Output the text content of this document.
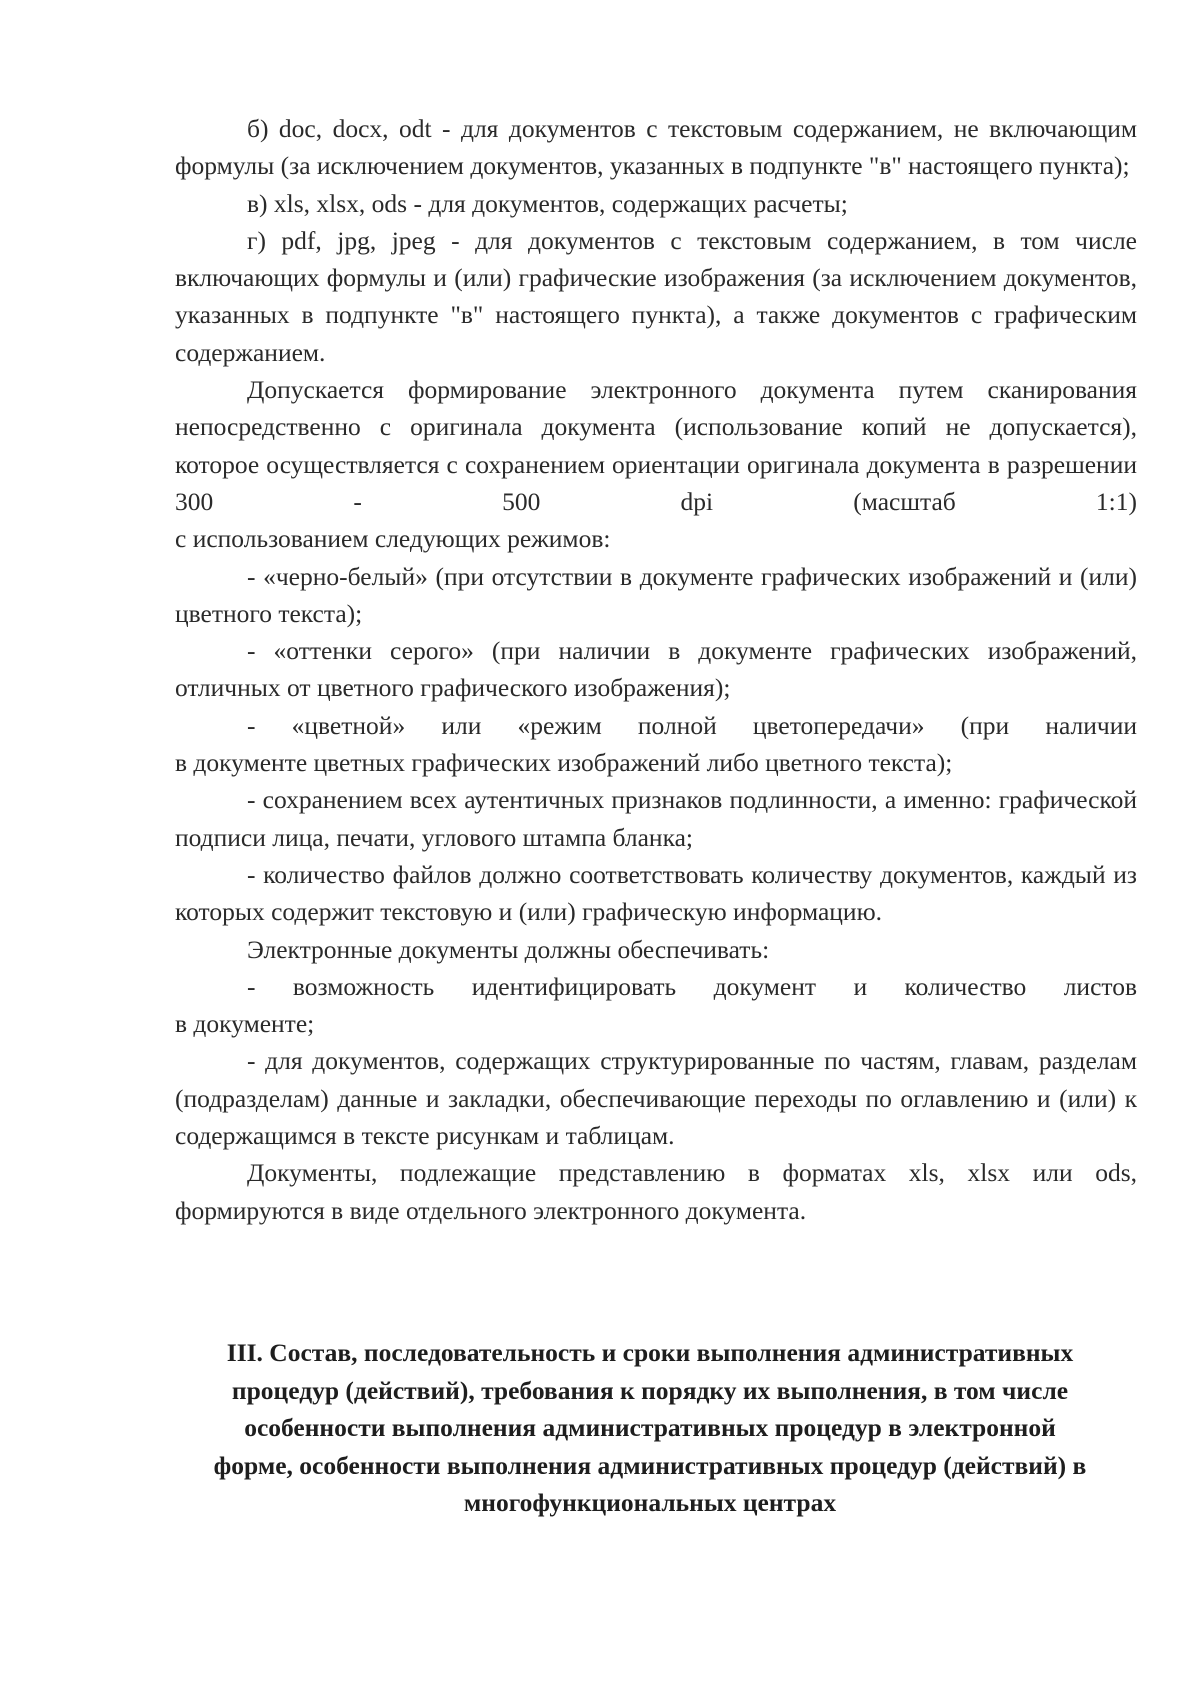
б) doc, docx, odt - для документов с текстовым содержанием, не включающим формулы (за исключением документов, указанных в подпункте "в" настоящего пункта);

в) xls, xlsx, ods - для документов, содержащих расчеты;

г) pdf, jpg, jpeg - для документов с текстовым содержанием, в том числе включающих формулы и (или) графические изображения (за исключением документов, указанных в подпункте "в" настоящего пункта), а также документов с графическим содержанием.

Допускается формирование электронного документа путем сканирования непосредственно с оригинала документа (использование копий не допускается), которое осуществляется с сохранением ориентации оригинала документа в разрешении 300 - 500 dpi (масштаб 1:1)

с использованием следующих режимов:

- «черно-белый» (при отсутствии в документе графических изображений и (или) цветного текста);

- «оттенки серого» (при наличии в документе графических изображений, отличных от цветного графического изображения);

- «цветной» или «режим полной цветопередачи» (при наличии

в документе цветных графических изображений либо цветного текста);

- сохранением всех аутентичных признаков подлинности, а именно: графической подписи лица, печати, углового штампа бланка;

- количество файлов должно соответствовать количеству документов, каждый из которых содержит текстовую и (или) графическую информацию.

Электронные документы должны обеспечивать:

- возможность идентифицировать документ и количество листов

в документе;

- для документов, содержащих структурированные по частям, главам, разделам (подразделам) данные и закладки, обеспечивающие переходы по оглавлению и (или) к содержащимся в тексте рисункам и таблицам.

Документы, подлежащие представлению в форматах xls, xlsx или ods, формируются в виде отдельного электронного документа.

III. Состав, последовательность и сроки выполнения административных
процедур (действий), требования к порядку их выполнения, в том числе
особенности выполнения административных процедур в электронной
форме, особенности выполнения административных процедур (действий) в
многофункциональных центрах
